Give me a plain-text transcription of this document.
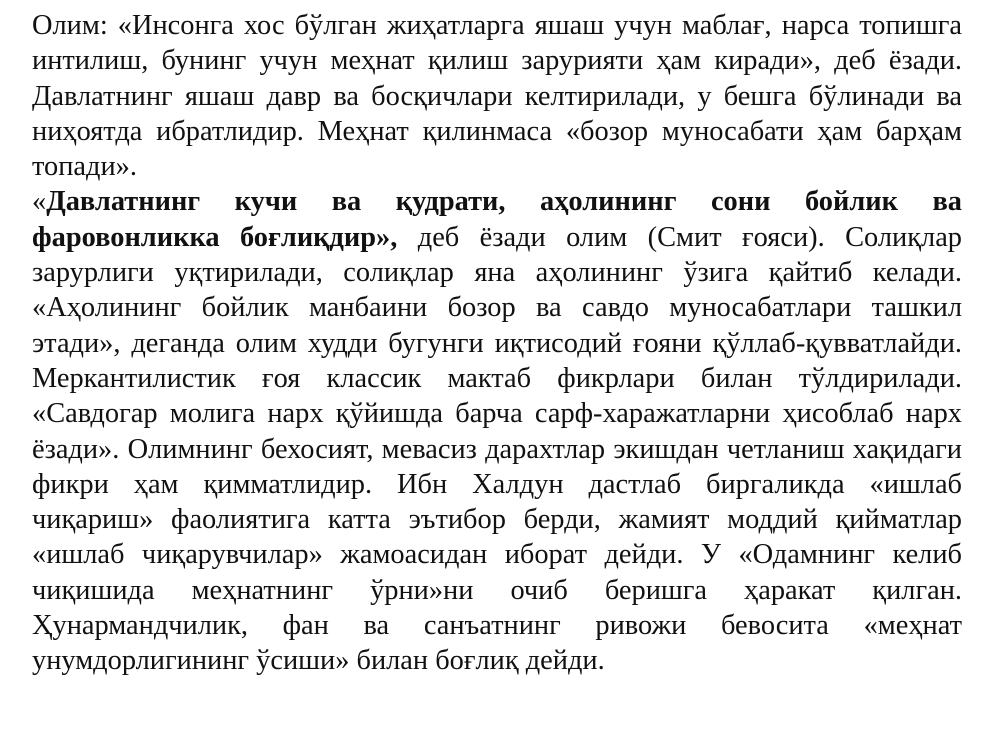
Олим: «Инсонга хос бўлган жиҳатларга яшаш учун маблағ, нарса топишга интилиш, бунинг учун меҳнат қилиш зарурияти ҳам киради», деб ёзади. Давлатнинг яшаш давр ва босқичлари келтирилади, у бешга бўлинади ва ниҳоятда ибратлидир. Меҳнат қилинмаса «бозор муносабати ҳам барҳам топади».

«Давлатнинг кучи ва қудрати, аҳолининг сони бойлик ва фаровонликка боғлиқдир», деб ёзади олим (Смит ғояси). Солиқлар зарурлиги уқтирилади, солиқлар яна аҳолининг ўзига қайтиб келади. «Аҳолининг бойлик манбаини бозор ва савдо муносабатлари ташкил этади», деганда олим худди бугунги иқтисодий ғояни қўллаб-қувватлайди. Меркантилистик ғоя классик мактаб фикрлари билан тўлдирилади. «Савдогар молига нарх қўйишда барча сарф-харажатларни ҳисоблаб нарх ёзади». Олимнинг бехосият, мевасиз дарахтлар экишдан четланиш хақидаги фикри ҳам қимматлидир. Ибн Халдун дастлаб биргаликда «ишлаб чиқариш» фаолиятига катта эътибор берди, жамият моддий қийматлар «ишлаб чиқарувчилар» жамоасидан иборат дейди. У «Одамнинг келиб чиқишида меҳнатнинг ўрни»ни очиб беришга ҳаракат қилган. Ҳунармандчилик, фан ва санъатнинг ривожи бевосита «меҳнат унумдорлигининг ўсиши» билан боғлиқ дейди.
